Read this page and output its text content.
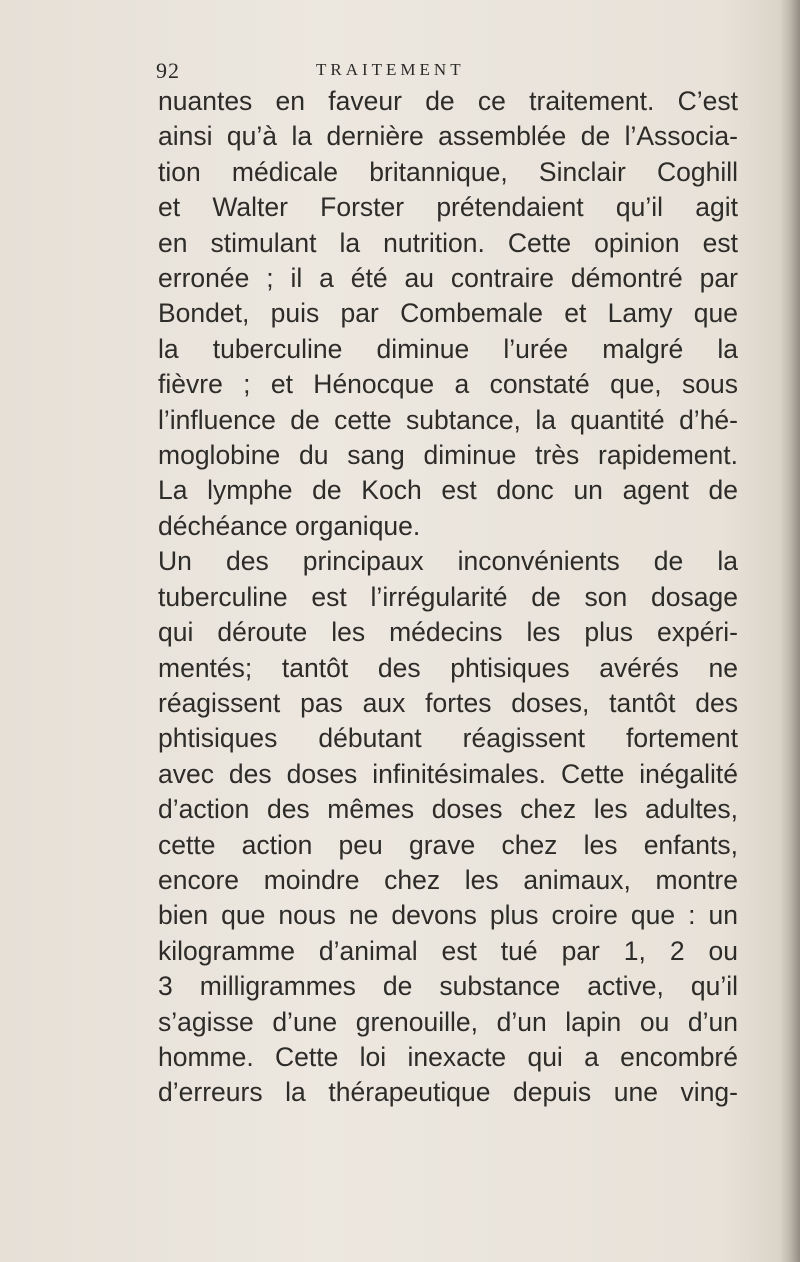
92	TRAITEMENT
nuantes en faveur de ce traitement. C’est
ainsi qu’à la dernière assemblée de l’Associa-
tion médicale britannique, Sinclair Coghill
et Walter Forster prétendaient qu’il agit
en stimulant la nutrition. Cette opinion est
erronée ; il a été au contraire démontré par
Bondet, puis par Combemale et Lamy que
la tuberculine diminue l’urée malgré la
fièvre ; et Hénocque a constaté que, sous
l’influence de cette subtance, la quantité d’hé-
moglobine du sang diminue très rapidement.
La lymphe de Koch est donc un agent de
déchéance organique.
Un des principaux inconvénients de la
tuberculine est l’irrégularité de son dosage
qui déroute les médecins les plus expéri-
mentés; tantôt des phtisiques avérés ne
réagissent pas aux fortes doses, tantôt des
phtisiques débutant réagissent fortement
avec des doses infinitésimales. Cette inégalité
d’action des mêmes doses chez les adultes,
cette action peu grave chez les enfants,
encore moindre chez les animaux, montre
bien que nous ne devons plus croire que : un
kilogramme d’animal est tué par 1, 2 ou
3 milligrammes de substance active, qu’il
s’agisse d’une grenouille, d’un lapin ou d’un
homme. Cette loi inexacte qui a encombré
d’erreurs la thérapeutique depuis une ving-
